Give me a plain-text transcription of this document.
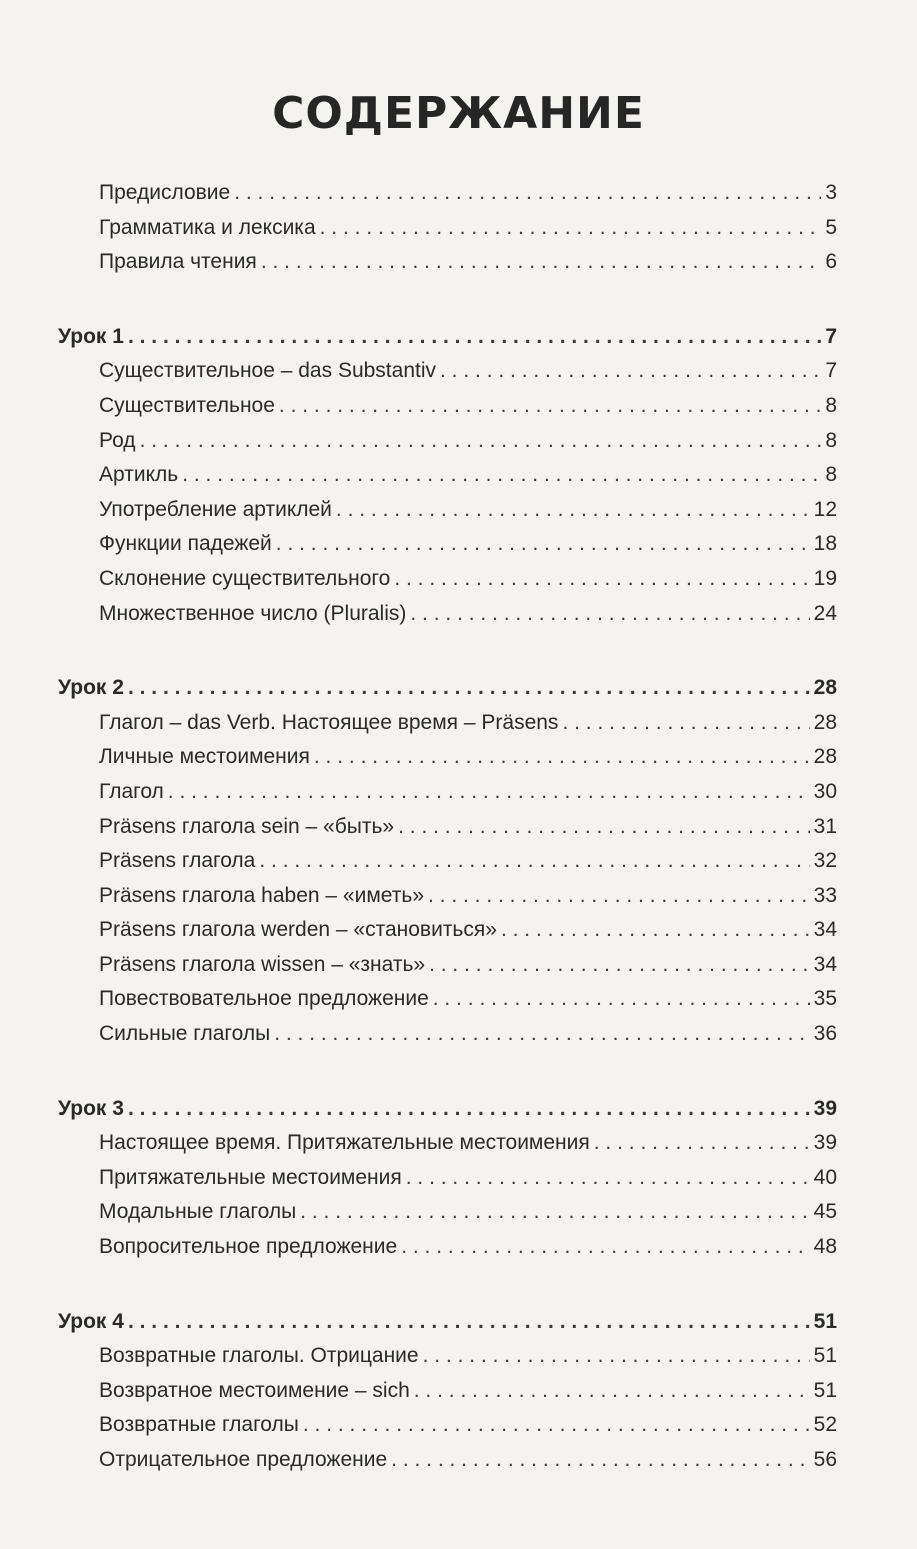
СОДЕРЖАНИЕ
Предисловие . . .	3
Грамматика и лексика . . .	5
Правила чтения . . .	6
Урок 1 . . .	7
Существительное – das Substantiv . . .	7
Существительное . . .	8
Род . . .	8
Артикль . . .	8
Употребление артиклей . . .	12
Функции падежей . . .	18
Склонение существительного . . .	19
Множественное число (Pluralis) . . .	24
Урок 2 . . .	28
Глагол – das Verb. Настоящее время – Präsens . . .	28
Личные местоимения . . .	28
Глагол . . .	30
Präsens глагола sein – «быть» . . .	31
Präsens глагола . . .	32
Präsens глагола haben – «иметь» . . .	33
Präsens глагола werden – «становиться» . . .	34
Präsens глагола wissen – «знать» . . .	34
Повествовательное предложение . . .	35
Сильные глаголы . . .	36
Урок 3 . . .	39
Настоящее время. Притяжательные местоимения . . .	39
Притяжательные местоимения . . .	40
Модальные глаголы . . .	45
Вопросительное предложение . . .	48
Урок 4 . . .	51
Возвратные глаголы. Отрицание . . .	51
Возвратное местоимение – sich . . .	51
Возвратные глаголы . . .	52
Отрицательное предложение . . .	56
